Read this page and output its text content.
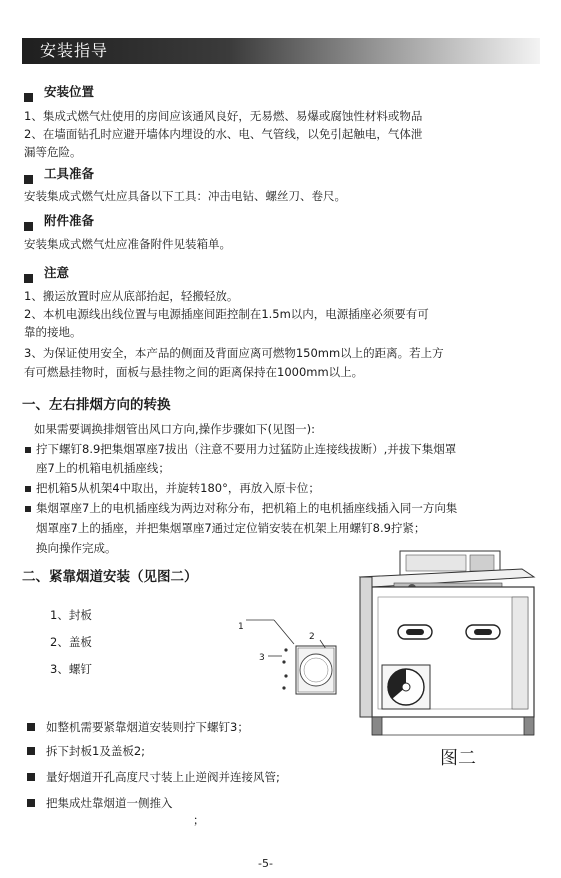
安装指导
安装位置
1、集成式燃气灶使用的房间应该通风良好，无易燃、易爆或腐蚀性材料或物品
2、在墙面钻孔时应避开墙体内埋设的水、电、气管线，以免引起触电，气体泄
漏等危险。
工具准备
安装集成式燃气灶应具备以下工具：冲击电钻、螺丝刀、卷尺。
附件准备
安装集成式燃气灶应准备附件见装箱单。
注意
1、搬运放置时应从底部抬起，轻搬轻放。
2、本机电源线出线位置与电源插座间距控制在1.5m以内，电源插座必须要有可
靠的接地。
3、为保证使用安全，本产品的侧面及背面应离可燃物150mm以上的距离。若上方
有可燃悬挂物时，面板与悬挂物之间的距离保持在1000mm以上。
一、左右排烟方向的转换
如果需要调换排烟管出风口方向,操作步骤如下(见图一):
拧下螺钉8.9把集烟罩座7拔出（注意不要用力过猛防止连接线拔断）,并拔下集烟罩
座7上的机箱电机插座线；
把机箱5从机架4中取出，并旋转180°，再放入原卡位；
集烟罩座7上的电机插座线为两边对称分布，把机箱上的电机插座线插入同一方向集
烟罩座7上的插座，并把集烟罩座7通过定位销安装在机架上用螺钉8.9拧紧；
换向操作完成。
二、紧靠烟道安装（见图二）
1、封板
2、盖板
3、螺钉
1
2
3
图二
如整机需要紧靠烟道安装则拧下螺钉3；
拆下封板1及盖板2;
量好烟道开孔高度尺寸装上止逆阀并连接风管;
把集成灶靠烟道一侧推入
；
-5-
